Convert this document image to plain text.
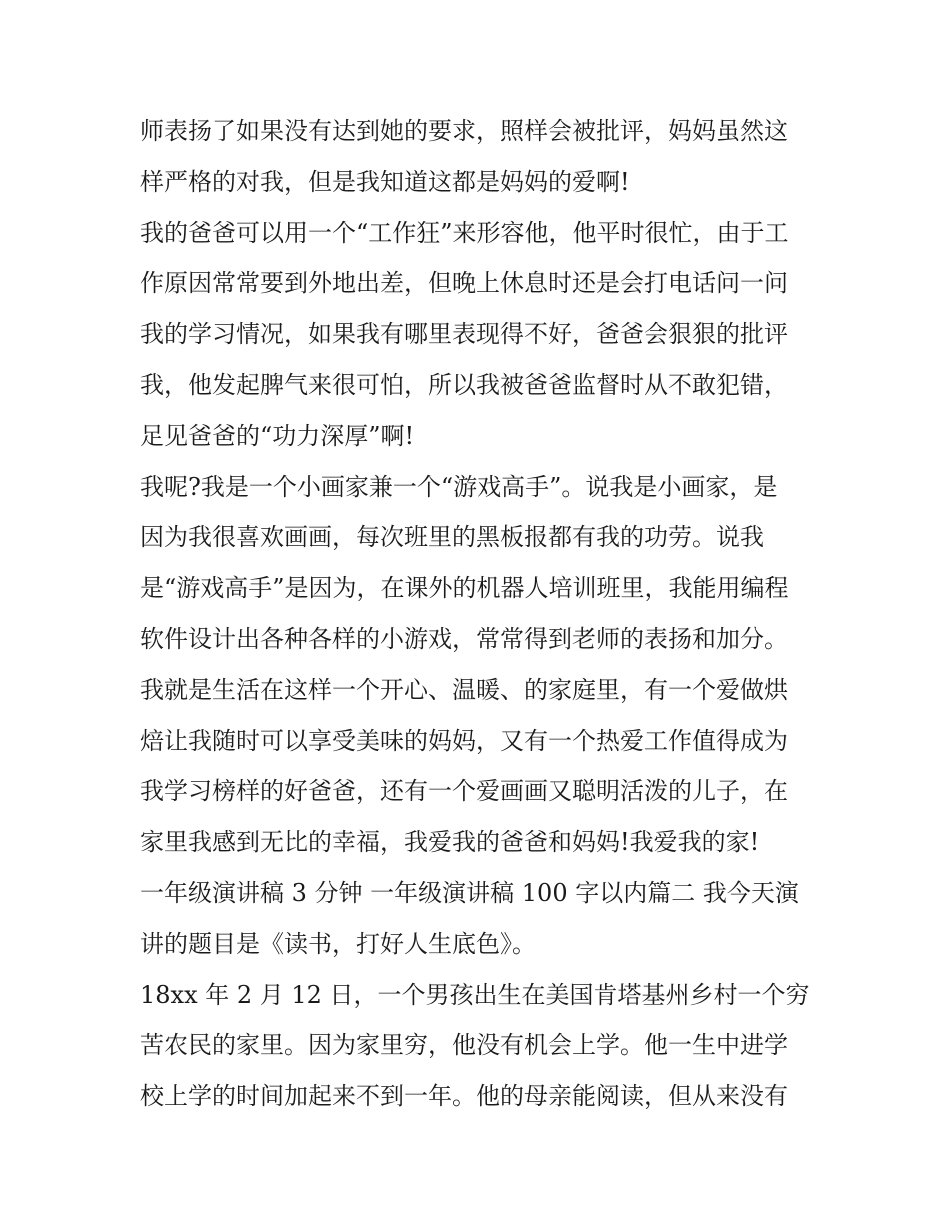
师表扬了如果没有达到她的要求，照样会被批评，妈妈虽然这
样严格的对我，但是我知道这都是妈妈的爱啊!
我的爸爸可以用一个“工作狂”来形容他，他平时很忙，由于工
作原因常常要到外地出差，但晚上休息时还是会打电话问一问
我的学习情况，如果我有哪里表现得不好，爸爸会狠狠的批评
我，他发起脾气来很可怕，所以我被爸爸监督时从不敢犯错，
足见爸爸的“功力深厚”啊!
我呢?我是一个小画家兼一个“游戏高手”。说我是小画家，是
因为我很喜欢画画，每次班里的黑板报都有我的功劳。说我
是“游戏高手”是因为，在课外的机器人培训班里，我能用编程
软件设计出各种各样的小游戏，常常得到老师的表扬和加分。
我就是生活在这样一个开心、温暖、的家庭里，有一个爱做烘
焙让我随时可以享受美味的妈妈，又有一个热爱工作值得成为
我学习榜样的好爸爸，还有一个爱画画又聪明活泼的儿子，在
家里我感到无比的幸福，我爱我的爸爸和妈妈!我爱我的家!
一年级演讲稿 3 分钟 一年级演讲稿 100 字以内篇二 我今天演
讲的题目是《读书，打好人生底色》。
18xx 年 2 月 12 日，一个男孩出生在美国肯塔基州乡村一个穷
苦农民的家里。因为家里穷，他没有机会上学。他一生中进学
校上学的时间加起来不到一年。他的母亲能阅读，但从来没有
